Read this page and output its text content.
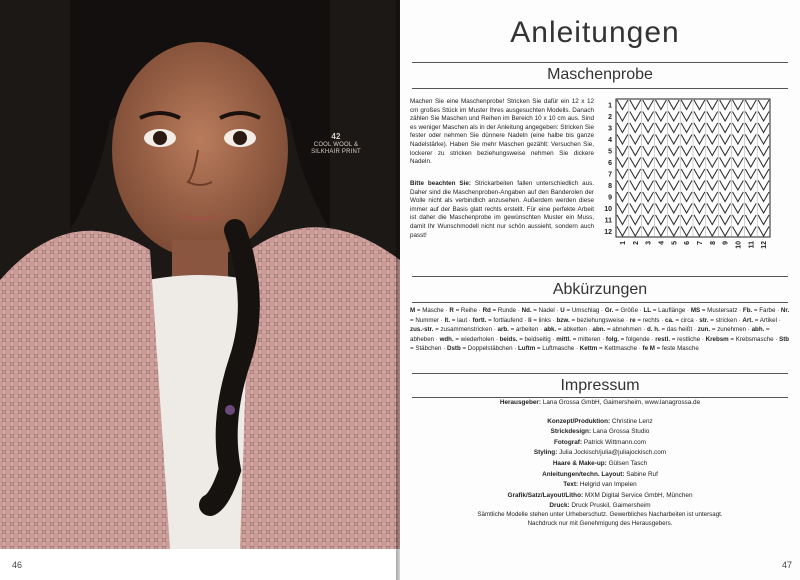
42
COOL WOOL &
SILKHAIR PRINT
46
Anleitungen
Maschenprobe
Machen Sie eine Maschenprobe! Stricken Sie dafür ein 12 x 12 cm großes Stück im Muster Ihres ausgesuchten Modells. Danach zählen Sie Maschen und Reihen im Bereich 10 x 10 cm aus. Sind es weniger Maschen als in der Anleitung angegeben: Stricken Sie fester oder nehmen Sie dünnere Nadeln (eine halbe bis ganze Nadelstärke). Haben Sie mehr Maschen gezählt: Versuchen Sie, lockerer zu stricken beziehungsweise nehmen Sie dickere Nadeln.
Bitte beachten Sie: Strickarbeiten fallen unterschiedlich aus. Daher sind die Maschenproben-Angaben auf den Banderolen der Wolle nicht als verbindlich anzusehen. Außerdem werden diese immer auf der Basis glatt rechts erstellt. Für eine perfekte Arbeit ist daher die Maschenprobe im gewünschten Muster ein Muss, damit Ihr Wunschmodell nicht nur schön aussieht, sondern auch passt!
1
2
3
4
5
6
7
8
9
10
11
12
1 2 3 4 5 6 7 8 9 10 11 12
Abkürzungen
M = Masche · R = Reihe · Rd = Runde · Nd. = Nadel · U = Umschlag · Gr. = Größe · LL = Lauflänge · MS = Mustersatz · Fb. = Farbe · Nr. = Nummer · lt. = laut · fortl. = fortlaufend · li = links · bzw. = beziehungsweise · re = rechts · ca. = circa · str. = stricken · Art. = Artikel · zus.-str. = zusammenstricken · arb. = arbeiten · abk. = abketten · abn. = abnehmen · d. h. = das heißt · zun. = zunehmen · abh. = abheben · wdh. = wiederholen · beids. = beidseitig · mittl. = mitteren · folg. = folgende · restl. = restliche · Krebsm = Krebsmasche · Stb = Stäbchen · Dstb = Doppelstäbchen · Luftm = Luftmasche · Kettm = Kettmasche · fe M = feste Masche
Impressum
Herausgeber: Lana Grossa GmbH, Gaimersheim, www.lanagrossa.de
Konzept/Produktion: Christine Lenz
Strickdesign: Lana Grossa Studio
Fotograf: Patrick Wittmann.com
Styling: Julia Jockisch/julia@juliajockisch.com
Haare & Make-up: Gülsen Tasch
Anleitungen/techn. Layout: Sabine Ruf
Text: Helgrid van Impelen
Grafik/Satz/Layout/Litho: MXM Digital Service GmbH, München
Druck: Druck Pruskil, Gaimersheim
Sämtliche Modelle stehen unter Urheberschutz. Gewerbliches Nacharbeiten ist untersagt.
Nachdruck nur mit Genehmigung des Herausgebers.
47
